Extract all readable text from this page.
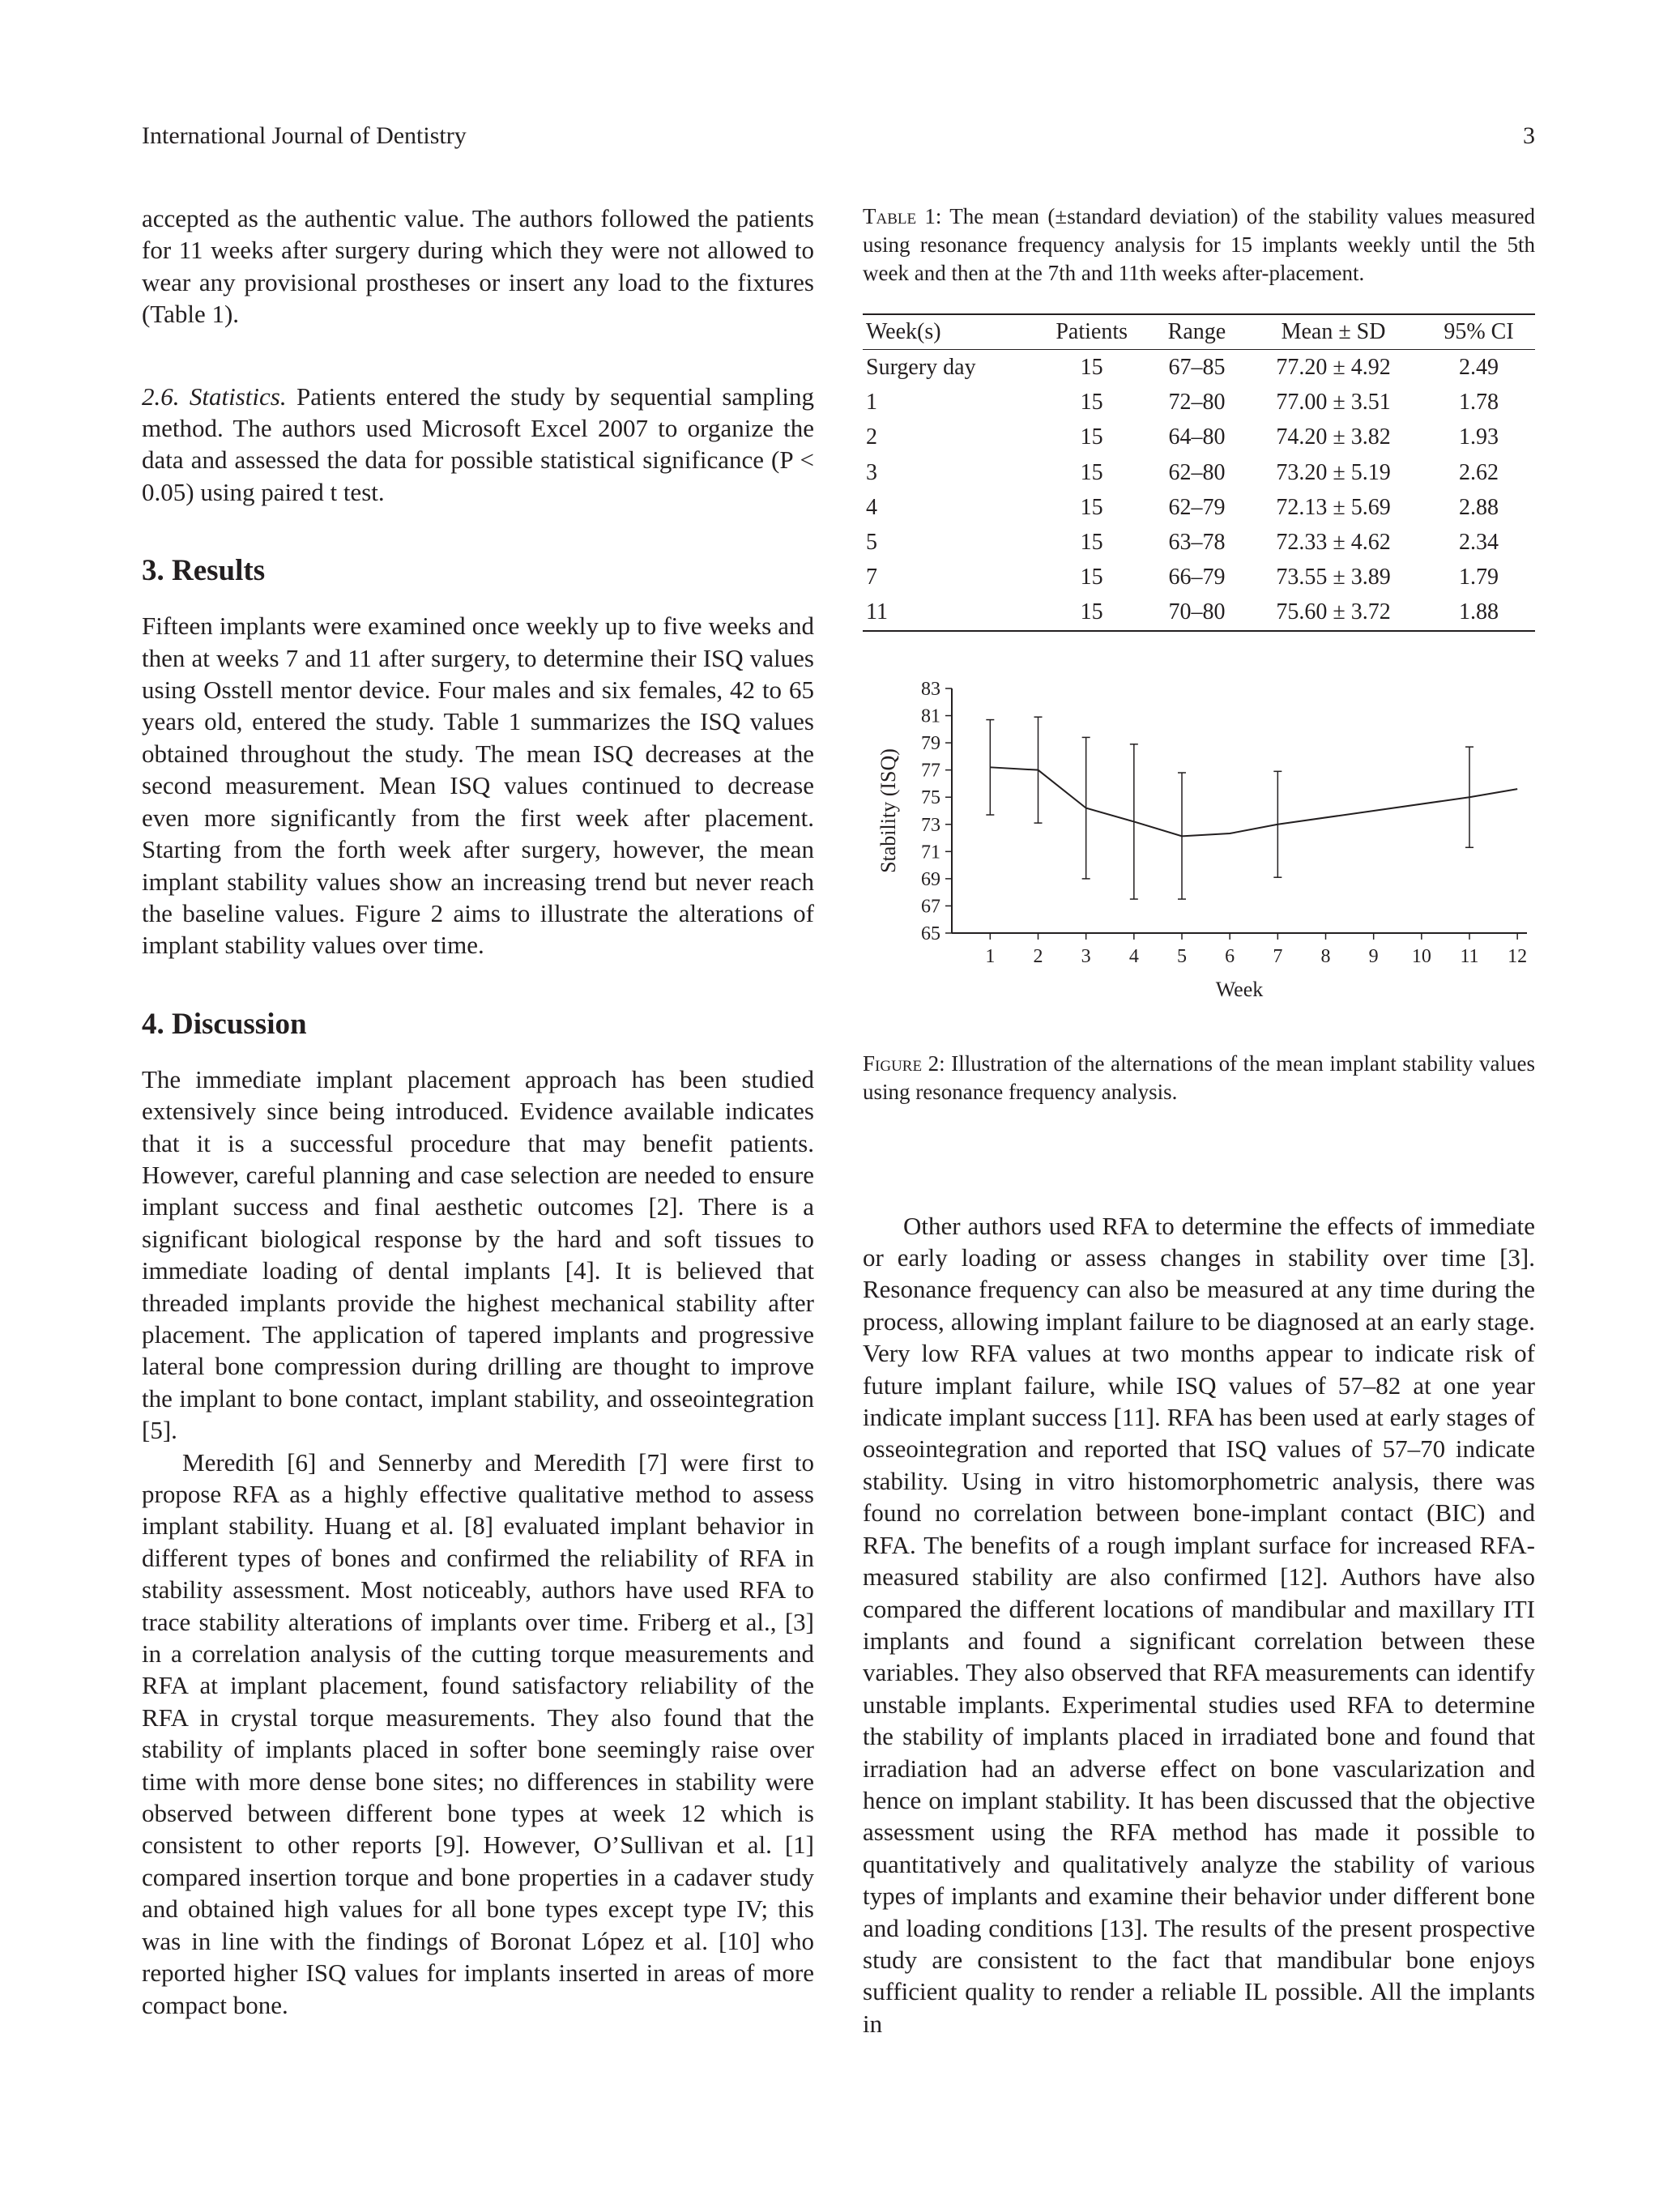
International Journal of Dentistry	3

accepted as the authentic value. The authors followed the patients for 11 weeks after surgery during which they were not allowed to wear any provisional prostheses or insert any load to the fixtures (Table 1).

2.6. Statistics. Patients entered the study by sequential sampling method. The authors used Microsoft Excel 2007 to organize the data and assessed the data for possible statistical significance (P < 0.05) using paired t test.

3. Results

Fifteen implants were examined once weekly up to five weeks and then at weeks 7 and 11 after surgery, to determine their ISQ values using Osstell mentor device. Four males and six females, 42 to 65 years old, entered the study. Table 1 summarizes the ISQ values obtained throughout the study. The mean ISQ decreases at the second measurement. Mean ISQ values continued to decrease even more significantly from the first week after placement. Starting from the forth week after surgery, however, the mean implant stability values show an increasing trend but never reach the baseline values. Figure 2 aims to illustrate the alterations of implant stability values over time.

4. Discussion

The immediate implant placement approach has been studied extensively since being introduced. Evidence available indicates that it is a successful procedure that may benefit patients. However, careful planning and case selection are needed to ensure implant success and final aesthetic outcomes [2]. There is a significant biological response by the hard and soft tissues to immediate loading of dental implants [4]. It is believed that threaded implants provide the highest mechanical stability after placement. The application of tapered implants and progressive lateral bone compression during drilling are thought to improve the implant to bone contact, implant stability, and osseointegration [5].

Meredith [6] and Sennerby and Meredith [7] were first to propose RFA as a highly effective qualitative method to assess implant stability. Huang et al. [8] evaluated implant behavior in different types of bones and confirmed the reliability of RFA in stability assessment. Most noticeably, authors have used RFA to trace stability alterations of implants over time. Friberg et al., [3] in a correlation analysis of the cutting torque measurements and RFA at implant placement, found satisfactory reliability of the RFA in crystal torque measurements. They also found that the stability of implants placed in softer bone seemingly raise over time with more dense bone sites; no differences in stability were observed between different bone types at week 12 which is consistent to other reports [9]. However, O’Sullivan et al. [1] compared insertion torque and bone properties in a cadaver study and obtained high values for all bone types except type IV; this was in line with the findings of Boronat López et al. [10] who reported higher ISQ values for implants inserted in areas of more compact bone.

Table 1: The mean (±standard deviation) of the stability values measured using resonance frequency analysis for 15 implants weekly until the 5th week and then at the 7th and 11th weeks after-placement.

Week(s)	Patients	Range	Mean ± SD	95% CI
Surgery day	15	67–85	77.20 ± 4.92	2.49
1	15	72–80	77.00 ± 3.51	1.78
2	15	64–80	74.20 ± 3.82	1.93
3	15	62–80	73.20 ± 5.19	2.62
4	15	62–79	72.13 ± 5.69	2.88
5	15	63–78	72.33 ± 4.62	2.34
7	15	66–79	73.55 ± 3.89	1.79
11	15	70–80	75.60 ± 3.72	1.88
65
67
69
71
73
75
77
79
81
83
1 2 3 4 5 6 7 8 9 10 11 12
Week
Stability (ISQ)

Figure 2: Illustration of the alternations of the mean implant stability values using resonance frequency analysis.

Other authors used RFA to determine the effects of immediate or early loading or assess changes in stability over time [3]. Resonance frequency can also be measured at any time during the process, allowing implant failure to be diagnosed at an early stage. Very low RFA values at two months appear to indicate risk of future implant failure, while ISQ values of 57–82 at one year indicate implant success [11]. RFA has been used at early stages of osseointegration and reported that ISQ values of 57–70 indicate stability. Using in vitro histomorphometric analysis, there was found no correlation between bone-implant contact (BIC) and RFA. The benefits of a rough implant surface for increased RFA-measured stability are also confirmed [12]. Authors have also compared the different locations of mandibular and maxillary ITI implants and found a significant correlation between these variables. They also observed that RFA measurements can identify unstable implants. Experimental studies used RFA to determine the stability of implants placed in irradiated bone and found that irradiation had an adverse effect on bone vascularization and hence on implant stability. It has been discussed that the objective assessment using the RFA method has made it possible to quantitatively and qualitatively analyze the stability of various types of implants and examine their behavior under different bone and loading conditions [13]. The results of the present prospective study are consistent to the fact that mandibular bone enjoys sufficient quality to render a reliable IL possible. All the implants in
